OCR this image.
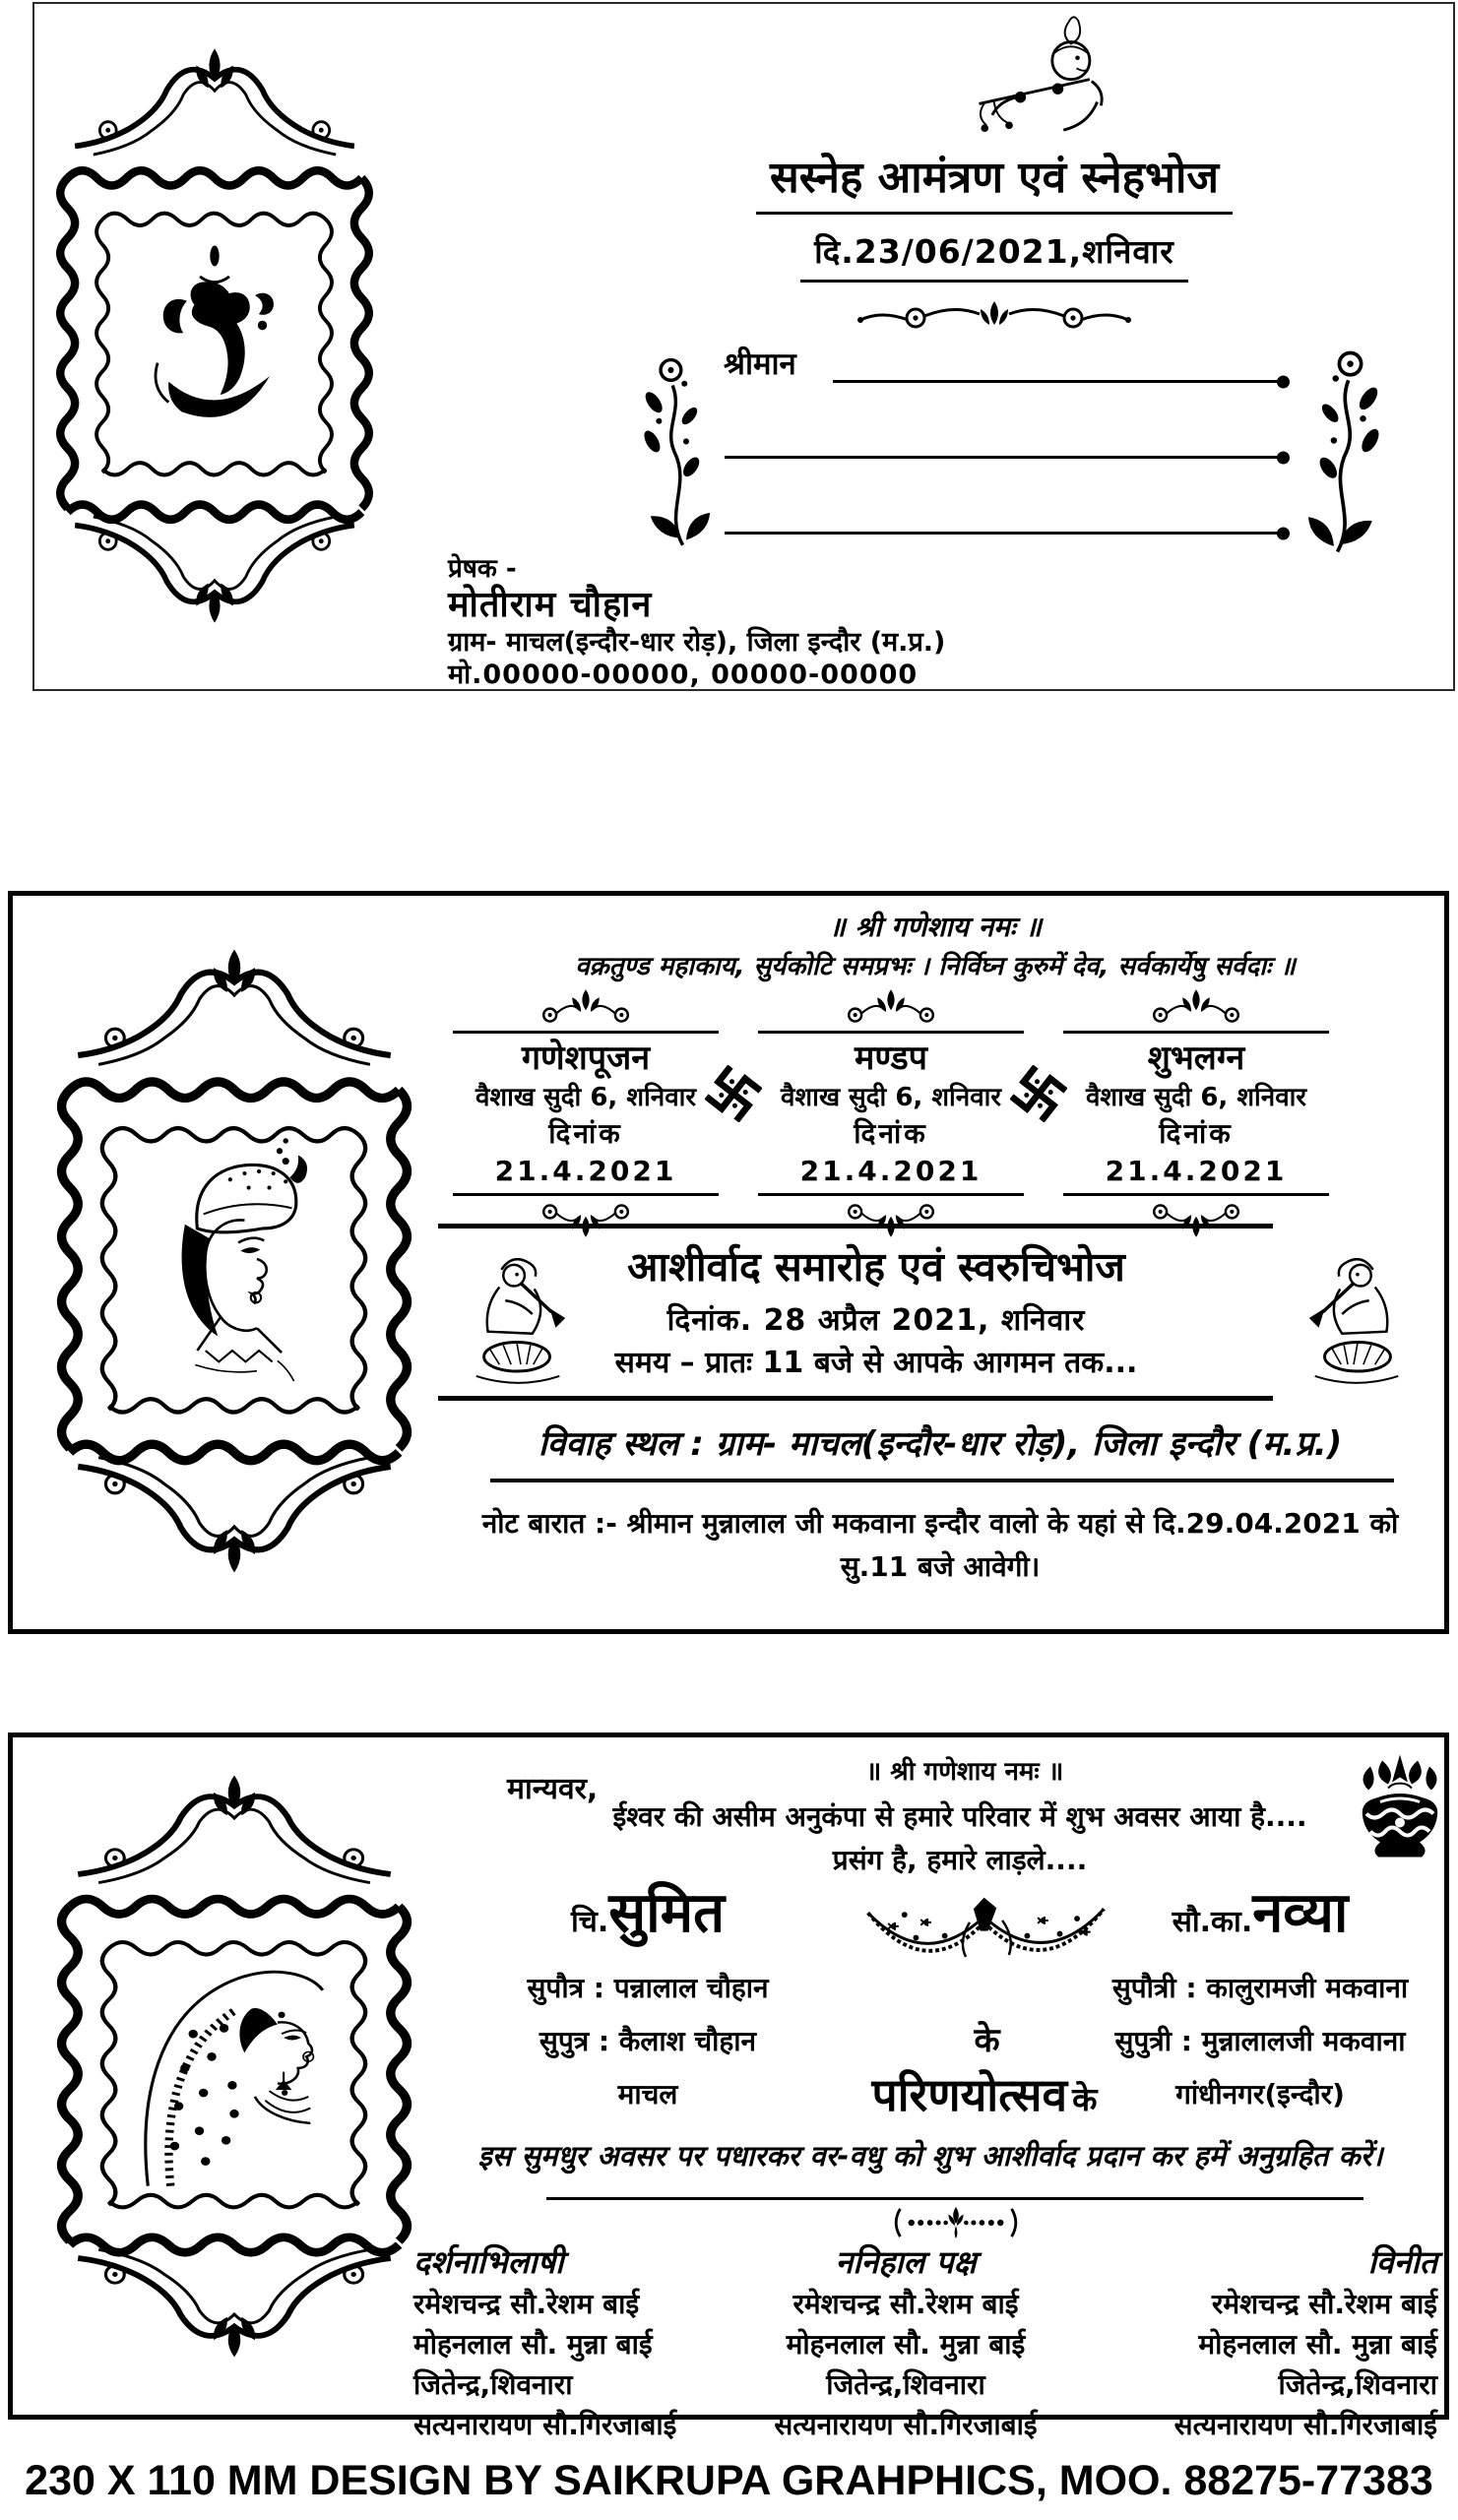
सस्नेह आमंत्रण एवं स्नेहभोज
दि.23/06/2021,शनिवार
श्रीमान
प्रेषक -
मोतीराम चौहान
ग्राम- माचल(इन्दौर-धार रोड़), जिला इन्दौर (म.प्र.)
मो.00000-00000, 00000-00000
॥ श्री गणेशाय नमः ॥
वक्रतुण्ड महाकाय, सुर्यकोटि समप्रभः । निर्विघ्न कुरुमें देव, सर्वकार्येषु सर्वदाः ॥
गणेशपूजन
वैशाख सुदी 6, शनिवार
दिनांक 21.4.2021
मण्डप
वैशाख सुदी 6, शनिवार
दिनांक 21.4.2021
शुभलग्न
वैशाख सुदी 6, शनिवार
दिनांक 21.4.2021
आशीर्वाद समारोह एवं स्वरुचिभोज
दिनांक. 28 अप्रैल 2021, शनिवार
समय – प्रातः 11 बजे से आपके आगमन तक...
विवाह स्थल : ग्राम- माचल(इन्दौर-धार रोड़), जिला इन्दौर (म.प्र.)
नोट बारात :- श्रीमान मुन्नालाल जी मकवाना इन्दौर वालो के यहां से दि.29.04.2021 को
सु.11 बजे आवेगी।
मान्यवर,	॥ श्री गणेशाय नमः ॥
ईश्वर की असीम अनुकंपा से हमारे परिवार में शुभ अवसर आया है....
प्रसंग है, हमारे लाड़ले....
चि.सुमित
सुपौत्र : पन्नालाल चौहान
सुपुत्र : कैलाश चौहान
माचल
सौ.का.नव्या
सुपौत्री : कालुरामजी मकवाना
सुपुत्री : मुन्नालालजी मकवाना
गांधीनगर(इन्दौर)
के
परिणयोत्सव के
इस सुमधुर अवसर पर पधारकर वर-वधु को शुभ आशीर्वाद प्रदान कर हमें अनुग्रहित करें।
दर्शनाभिलाषी
रमेशचन्द्र सौ.रेशम बाई
मोहनलाल सौ. मुन्ना बाई
जितेन्द्र,शिवनारा
सत्यनारायण सौ.गिरजाबाई
ननिहाल पक्ष
रमेशचन्द्र सौ.रेशम बाई
मोहनलाल सौ. मुन्ना बाई
जितेन्द्र,शिवनारा
सत्यनारायण सौ.गिरजाबाई
विनीत
रमेशचन्द्र सौ.रेशम बाई
मोहनलाल सौ. मुन्ना बाई
जितेन्द्र,शिवनारा
सत्यनारायण सौ.गिरजाबाई
230 X 110 MM DESIGN BY SAIKRUPA GRAHPHICS, MOO. 88275-77383
